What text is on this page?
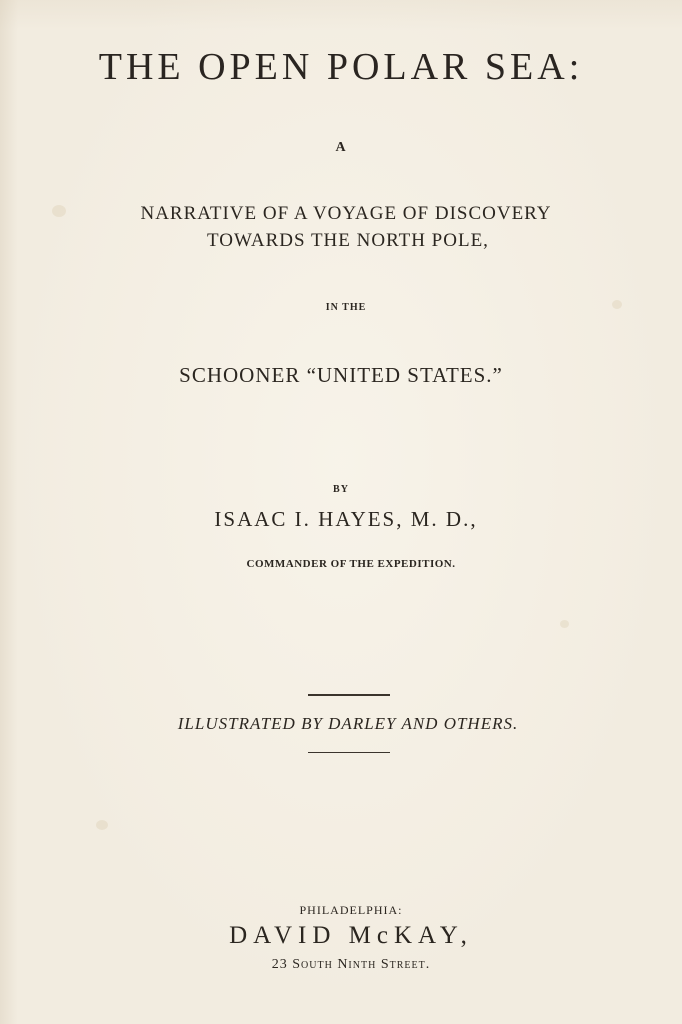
THE OPEN POLAR SEA:
A
NARRATIVE OF A VOYAGE OF DISCOVERY
TOWARDS THE NORTH POLE,
IN THE
SCHOONER “UNITED STATES.”
BY
ISAAC I. HAYES, M. D.,
COMMANDER OF THE EXPEDITION.
ILLUSTRATED BY DARLEY AND OTHERS.
PHILADELPHIA:
DAVID McKAY,
23 South Ninth Street.
